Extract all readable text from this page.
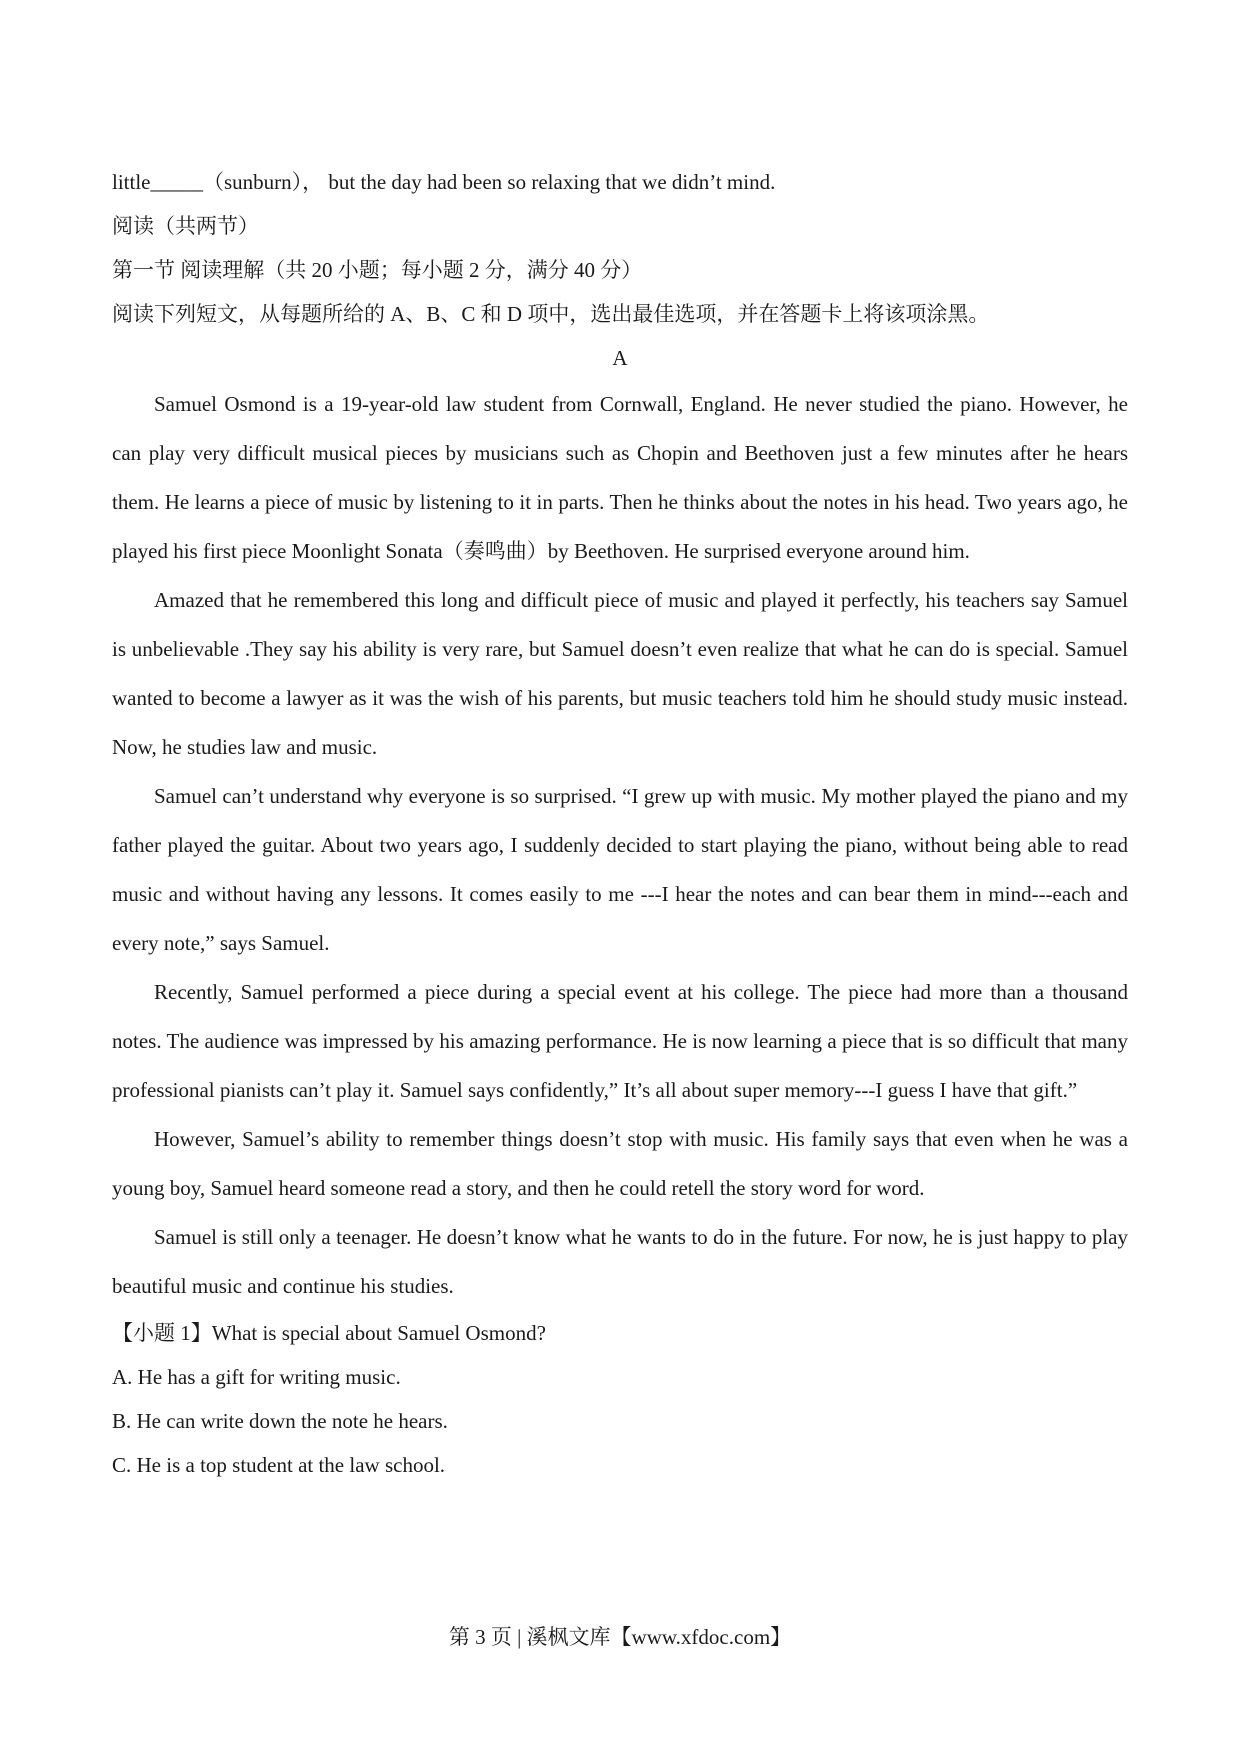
little_____（sunburn）， but the day had been so relaxing that we didn’t mind.

阅读（共两节）

第一节 阅读理解（共 20 小题；每小题 2 分，满分 40 分）

阅读下列短文，从每题所给的 A、B、C 和 D 项中，选出最佳选项，并在答题卡上将该项涂黑。

A

Samuel Osmond is a 19-year-old law student from Cornwall, England. He never studied the piano. However, he can play very difficult musical pieces by musicians such as Chopin and Beethoven just a few minutes after he hears them. He learns a piece of music by listening to it in parts. Then he thinks about the notes in his head. Two years ago, he played his first piece Moonlight Sonata（奏鸣曲）by Beethoven. He surprised everyone around him.

Amazed that he remembered this long and difficult piece of music and played it perfectly, his teachers say Samuel is unbelievable .They say his ability is very rare, but Samuel doesn’t even realize that what he can do is special. Samuel wanted to become a lawyer as it was the wish of his parents, but music teachers told him he should study music instead. Now, he studies law and music.

Samuel can’t understand why everyone is so surprised. “I grew up with music. My mother played the piano and my father played the guitar. About two years ago, I suddenly decided to start playing the piano, without being able to read music and without having any lessons. It comes easily to me ---I hear the notes and can bear them in mind---each and every note,” says Samuel.

Recently, Samuel performed a piece during a special event at his college. The piece had more than a thousand notes. The audience was impressed by his amazing performance. He is now learning a piece that is so difficult that many professional pianists can’t play it. Samuel says confidently,” It’s all about super memory---I guess I have that gift.”

However, Samuel’s ability to remember things doesn’t stop with music. His family says that even when he was a young boy, Samuel heard someone read a story, and then he could retell the story word for word.

Samuel is still only a teenager. He doesn’t know what he wants to do in the future. For now, he is just happy to play beautiful music and continue his studies.

【小题 1】What is special about Samuel Osmond?

A. He has a gift for writing music.

B. He can write down the note he hears.

C. He is a top student at the law school.

第 3 页 | 溪枫文库【www.xfdoc.com】
